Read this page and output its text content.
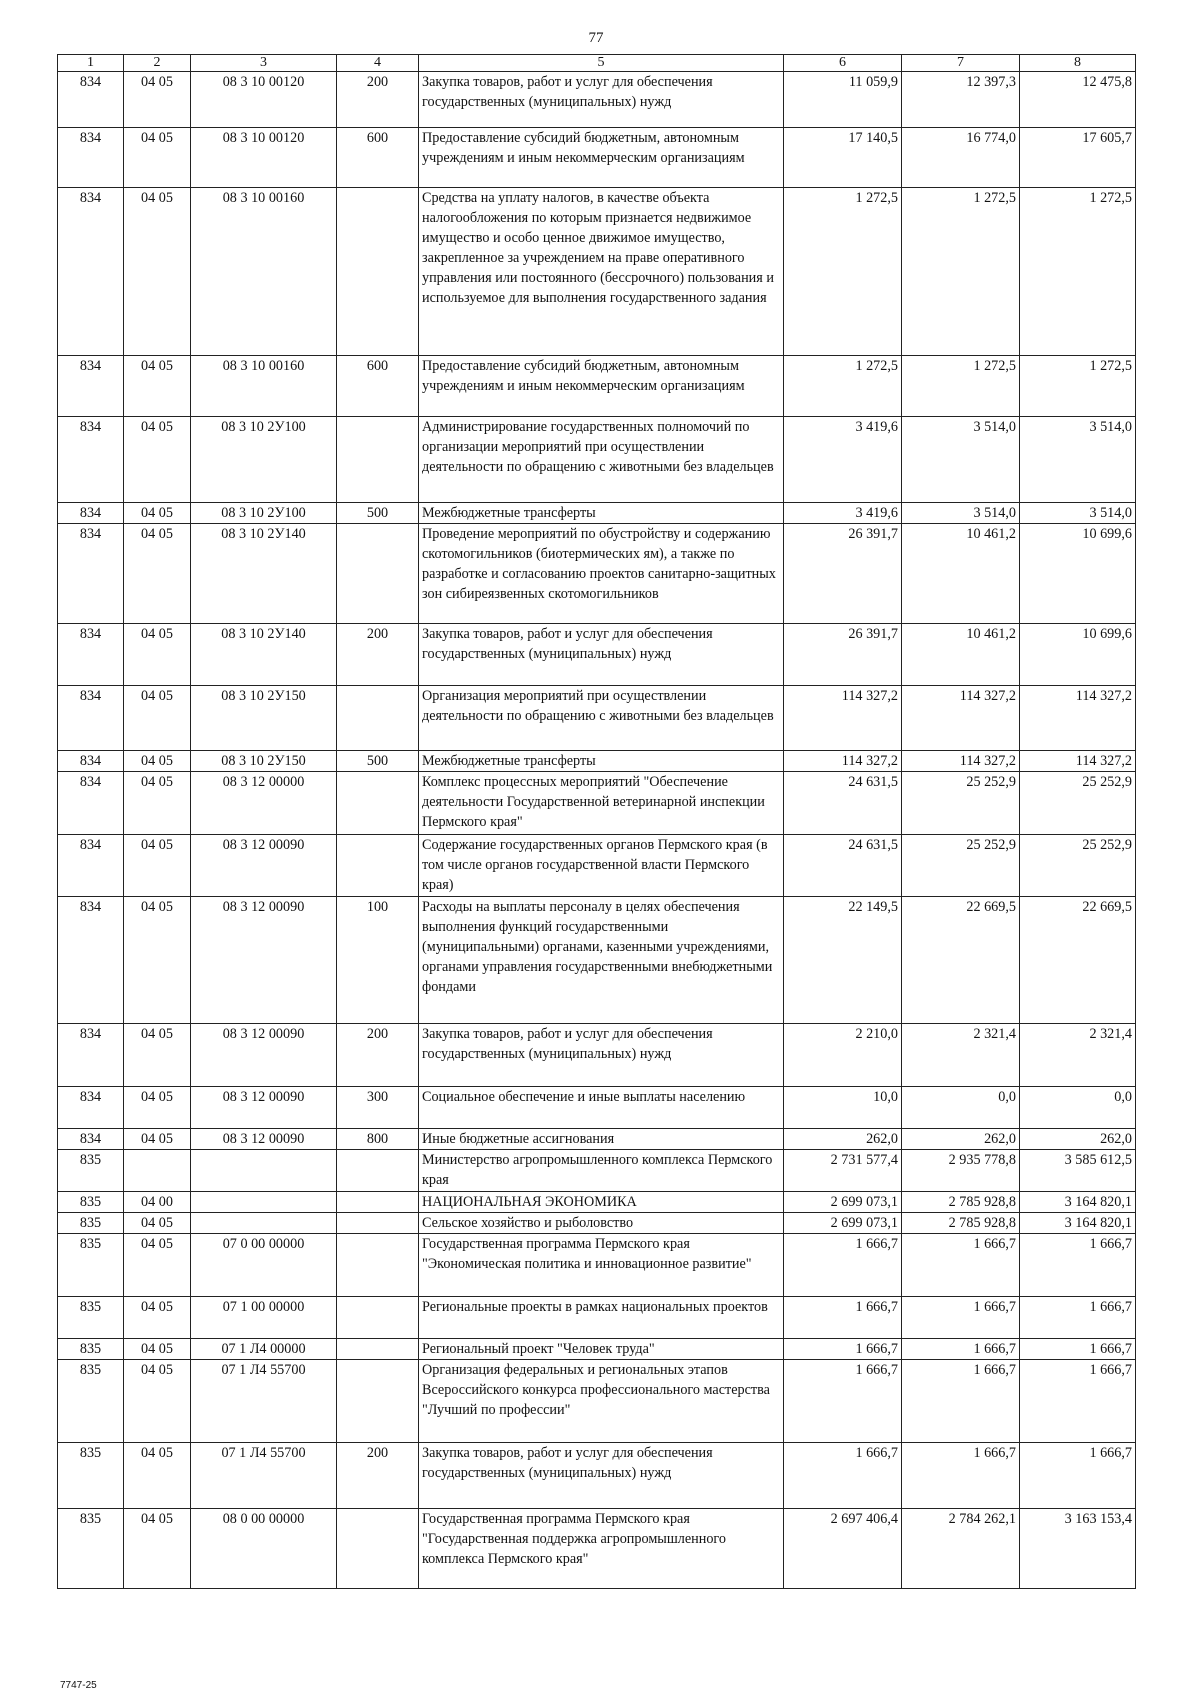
77
1	2	3	4	5	6	7	8
834	04 05	08 3 10 00120	200	Закупка товаров, работ и услуг для обеспечения государственных (муниципальных) нужд	11 059,9	12 397,3	12 475,8
834	04 05	08 3 10 00120	600	Предоставление субсидий бюджетным, автономным учреждениям и иным некоммерческим организациям	17 140,5	16 774,0	17 605,7
834	04 05	08 3 10 00160		Средства на уплату налогов, в качестве объекта налогообложения по которым признается недвижимое имущество и особо ценное движимое имущество, закрепленное за учреждением на праве оперативного управления или постоянного (бессрочного) пользования и используемое для выполнения государственного задания	1 272,5	1 272,5	1 272,5
834	04 05	08 3 10 00160	600	Предоставление субсидий бюджетным, автономным учреждениям и иным некоммерческим организациям	1 272,5	1 272,5	1 272,5
834	04 05	08 3 10 2У100		Администрирование государственных полномочий по организации мероприятий при осуществлении деятельности по обращению с животными без владельцев	3 419,6	3 514,0	3 514,0
834	04 05	08 3 10 2У100	500	Межбюджетные трансферты	3 419,6	3 514,0	3 514,0
834	04 05	08 3 10 2У140		Проведение мероприятий по обустройству и содержанию скотомогильников (биотермических ям), а также по разработке и согласованию проектов санитарно-защитных зон сибиреязвенных скотомогильников	26 391,7	10 461,2	10 699,6
834	04 05	08 3 10 2У140	200	Закупка товаров, работ и услуг для обеспечения государственных (муниципальных) нужд	26 391,7	10 461,2	10 699,6
834	04 05	08 3 10 2У150		Организация мероприятий при осуществлении деятельности по обращению с животными без владельцев	114 327,2	114 327,2	114 327,2
834	04 05	08 3 10 2У150	500	Межбюджетные трансферты	114 327,2	114 327,2	114 327,2
834	04 05	08 3 12 00000		Комплекс процессных мероприятий "Обеспечение деятельности Государственной ветеринарной инспекции Пермского края"	24 631,5	25 252,9	25 252,9
834	04 05	08 3 12 00090		Содержание государственных органов Пермского края (в том числе органов государственной власти Пермского края)	24 631,5	25 252,9	25 252,9
834	04 05	08 3 12 00090	100	Расходы на выплаты персоналу в целях обеспечения выполнения функций государственными (муниципальными) органами, казенными учреждениями, органами управления государственными внебюджетными фондами	22 149,5	22 669,5	22 669,5
834	04 05	08 3 12 00090	200	Закупка товаров, работ и услуг для обеспечения государственных (муниципальных) нужд	2 210,0	2 321,4	2 321,4
834	04 05	08 3 12 00090	300	Социальное обеспечение и иные выплаты населению	10,0	0,0	0,0
834	04 05	08 3 12 00090	800	Иные бюджетные ассигнования	262,0	262,0	262,0
835				Министерство агропромышленного комплекса Пермского края	2 731 577,4	2 935 778,8	3 585 612,5
835	04 00			НАЦИОНАЛЬНАЯ ЭКОНОМИКА	2 699 073,1	2 785 928,8	3 164 820,1
835	04 05			Сельское хозяйство и рыболовство	2 699 073,1	2 785 928,8	3 164 820,1
835	04 05	07 0 00 00000		Государственная программа Пермского края "Экономическая политика и инновационное развитие"	1 666,7	1 666,7	1 666,7
835	04 05	07 1 00 00000		Региональные проекты в рамках национальных проектов	1 666,7	1 666,7	1 666,7
835	04 05	07 1 Л4 00000		Региональный проект "Человек труда"	1 666,7	1 666,7	1 666,7
835	04 05	07 1 Л4 55700		Организация федеральных и региональных этапов Всероссийского конкурса профессионального мастерства "Лучший по профессии"	1 666,7	1 666,7	1 666,7
835	04 05	07 1 Л4 55700	200	Закупка товаров, работ и услуг для обеспечения государственных (муниципальных) нужд	1 666,7	1 666,7	1 666,7
835	04 05	08 0 00 00000		Государственная программа Пермского края "Государственная поддержка агропромышленного комплекса Пермского края"	2 697 406,4	2 784 262,1	3 163 153,4
7747-25
